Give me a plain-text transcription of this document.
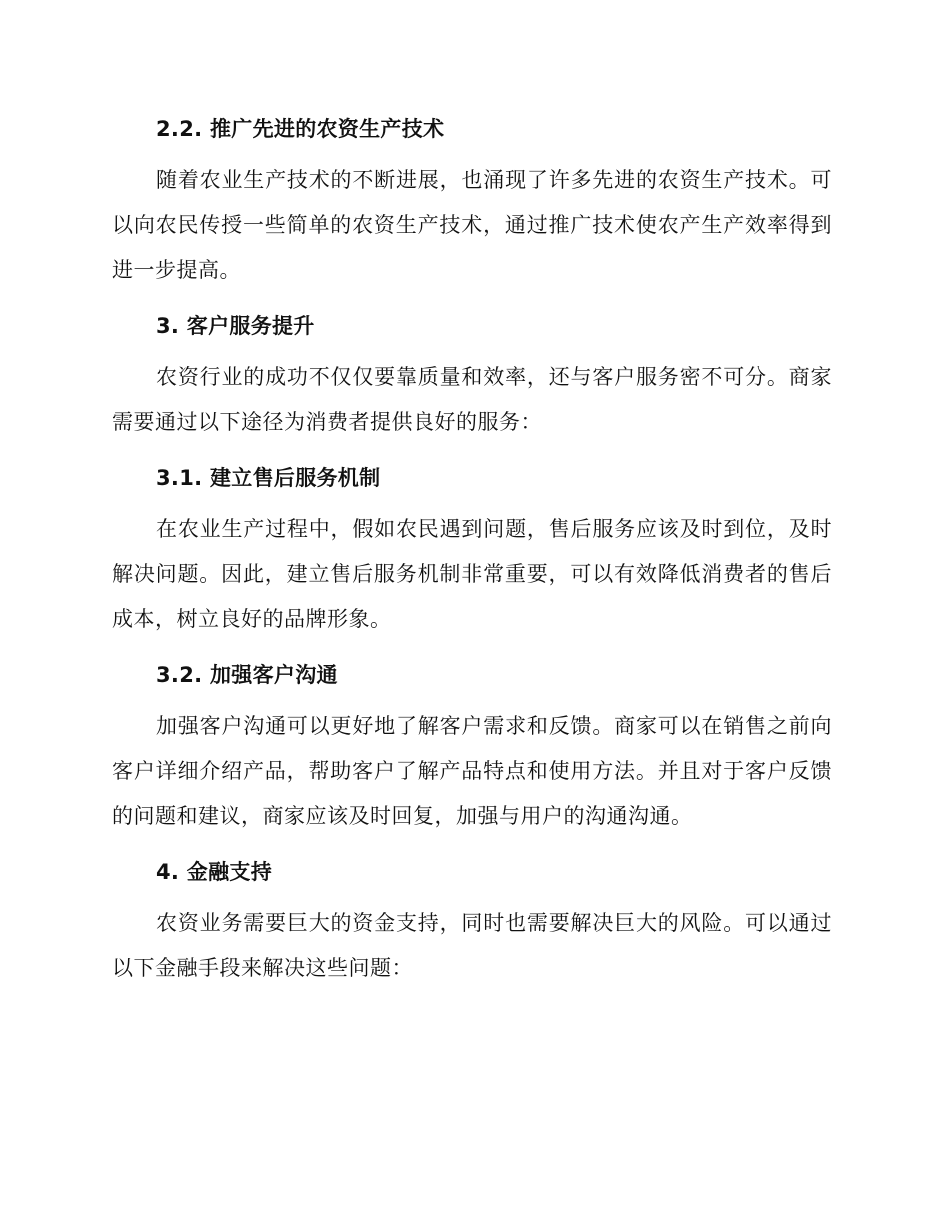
2.2. 推广先进的农资生产技术

随着农业生产技术的不断进展，也涌现了许多先进的农资生产技术。可以向农民传授一些简单的农资生产技术，通过推广技术使农产生产效率得到进一步提高。

3. 客户服务提升

农资行业的成功不仅仅要靠质量和效率，还与客户服务密不可分。商家需要通过以下途径为消费者提供良好的服务：

3.1. 建立售后服务机制

在农业生产过程中，假如农民遇到问题，售后服务应该及时到位，及时解决问题。因此，建立售后服务机制非常重要，可以有效降低消费者的售后成本，树立良好的品牌形象。

3.2. 加强客户沟通

加强客户沟通可以更好地了解客户需求和反馈。商家可以在销售之前向客户详细介绍产品，帮助客户了解产品特点和使用方法。并且对于客户反馈的问题和建议，商家应该及时回复，加强与用户的沟通沟通。

4. 金融支持

农资业务需要巨大的资金支持，同时也需要解决巨大的风险。可以通过以下金融手段来解决这些问题：
